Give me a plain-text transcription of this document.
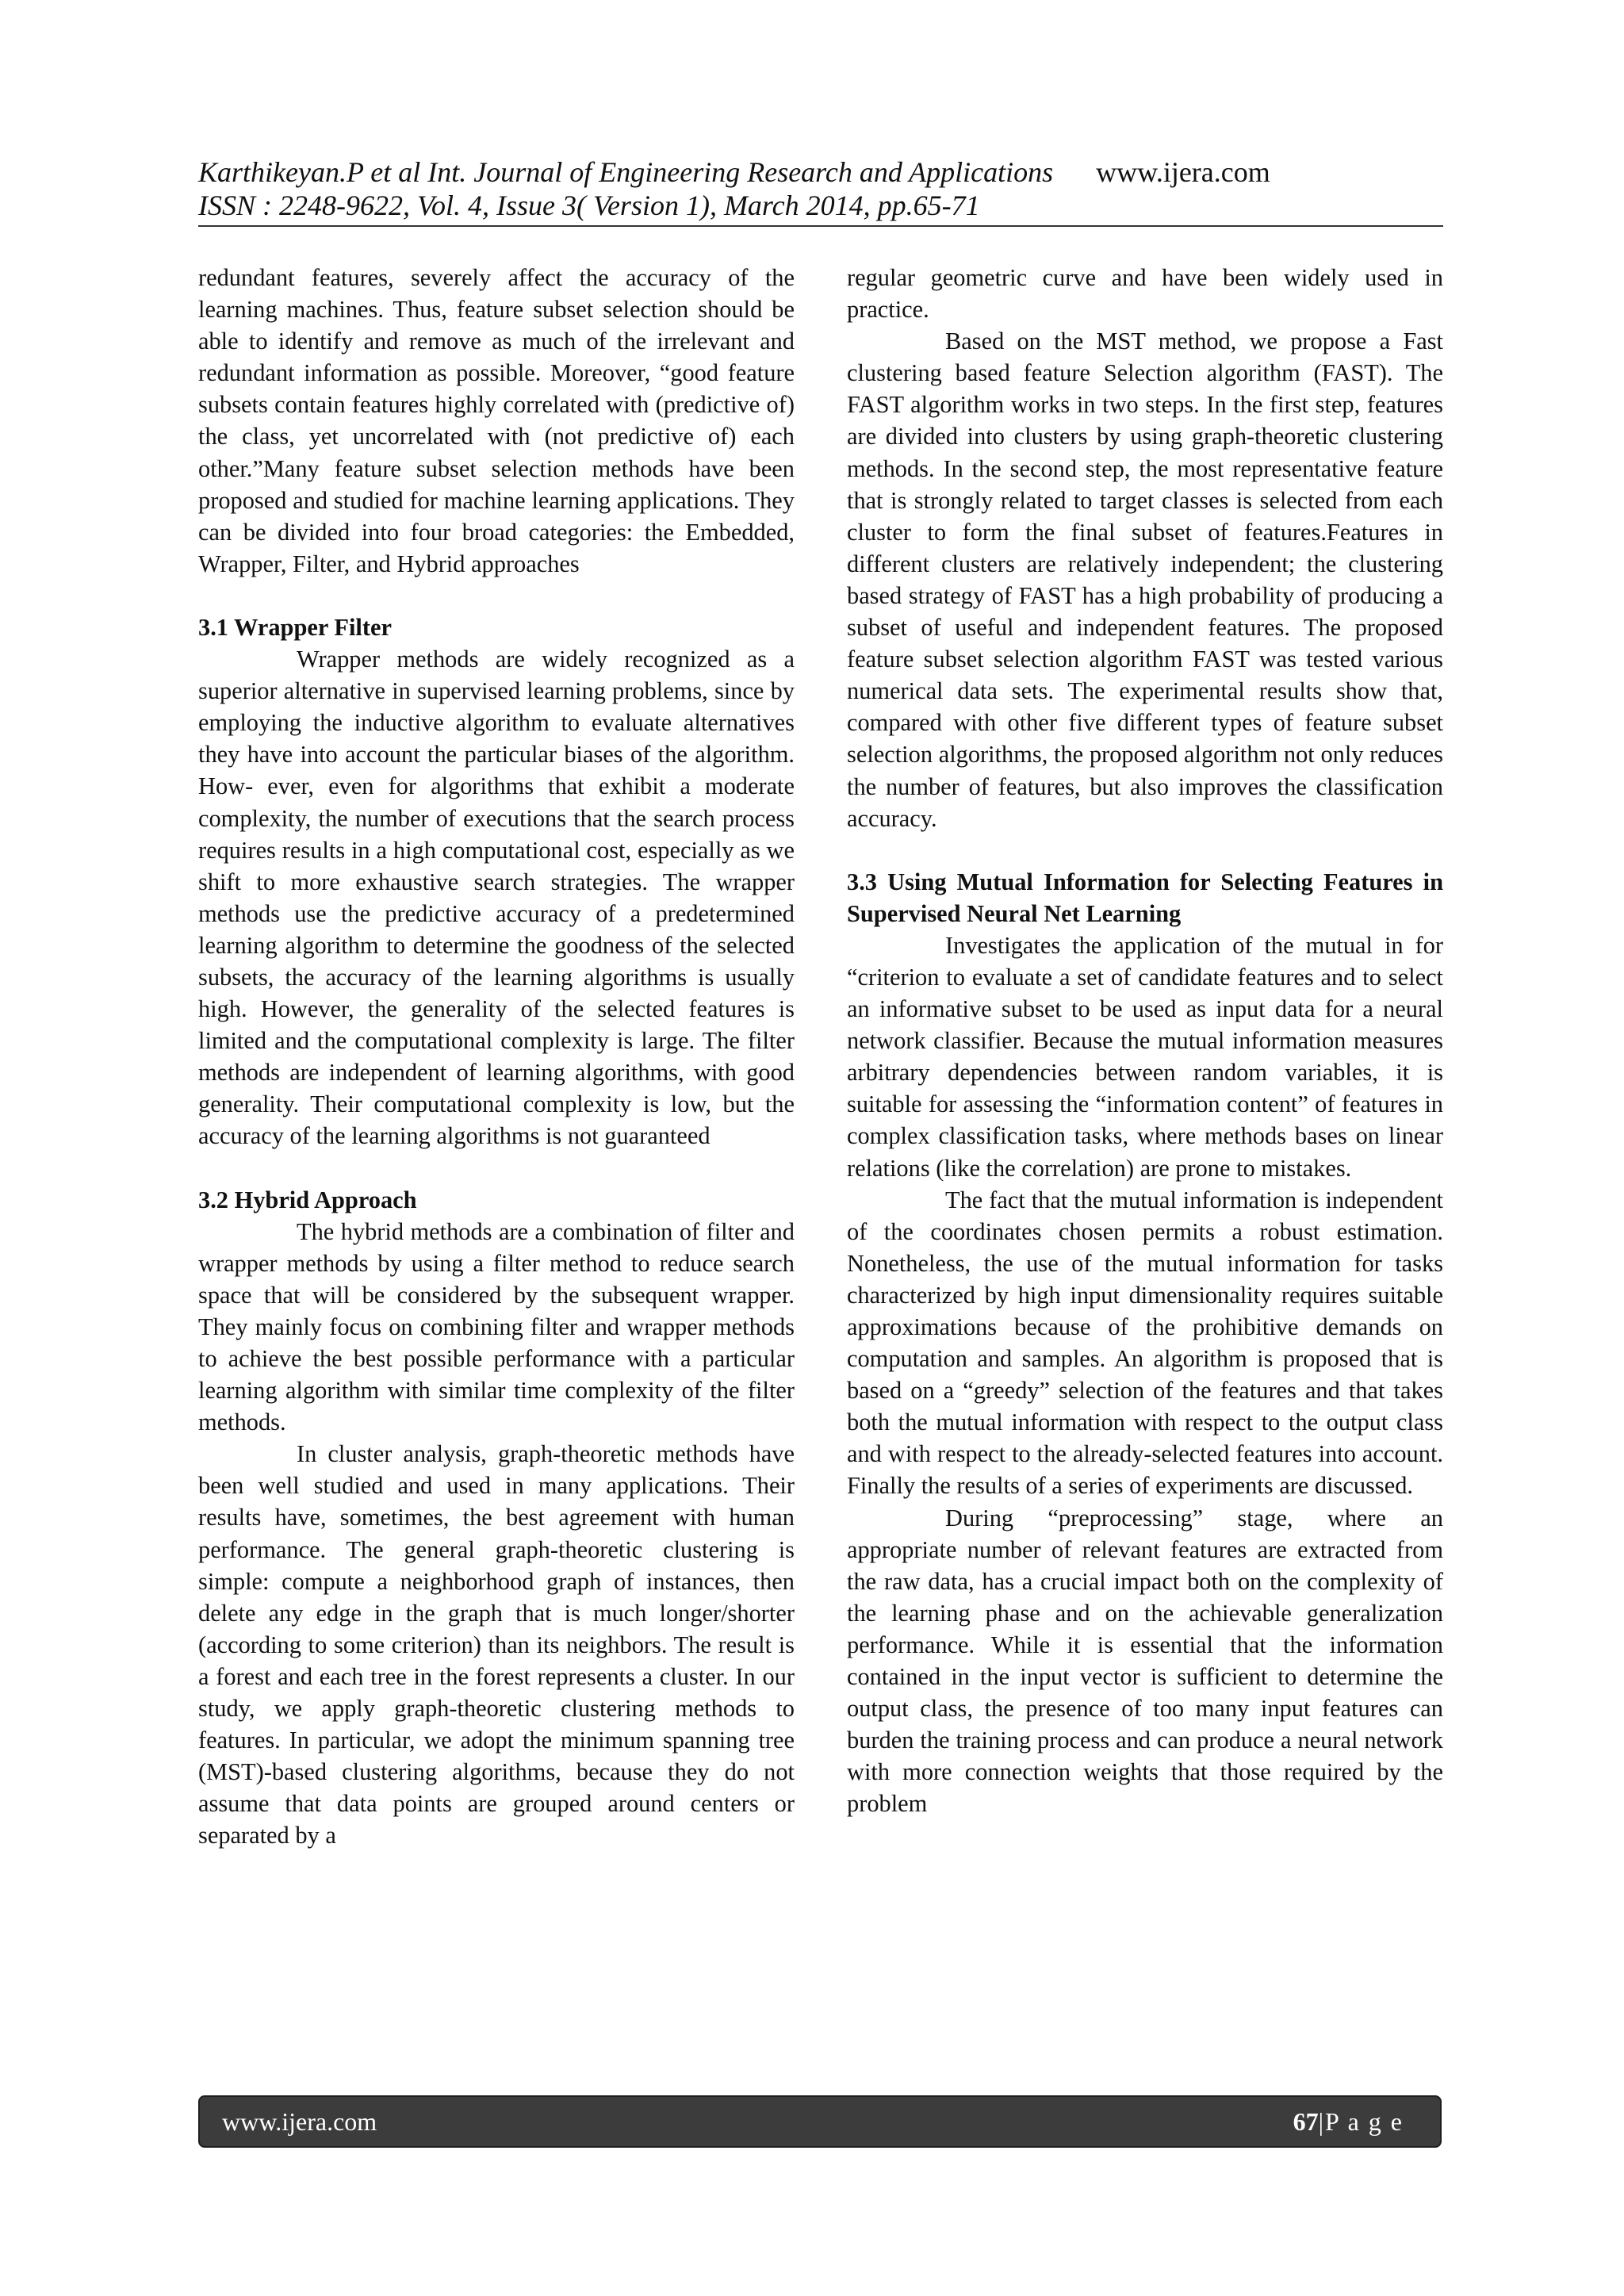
Karthikeyan.P et al Int. Journal of Engineering Research and Applications www.ijera.com
ISSN : 2248-9622, Vol. 4, Issue 3( Version 1), March 2014, pp.65-71

redundant features, severely affect the accuracy of the learning machines. Thus, feature subset selection should be able to identify and remove as much of the irrelevant and redundant information as possible. Moreover, “good feature subsets contain features highly correlated with (predictive of) the class, yet uncorrelated with (not predictive of) each other.”Many feature subset selection methods have been proposed and studied for machine learning applications. They can be divided into four broad categories: the Embedded, Wrapper, Filter, and Hybrid approaches

3.1 Wrapper Filter

Wrapper methods are widely recognized as a superior alternative in supervised learning problems, since by employing the inductive algorithm to evaluate alternatives they have into account the particular biases of the algorithm. How- ever, even for algorithms that exhibit a moderate complexity, the number of executions that the search process requires results in a high computational cost, especially as we shift to more exhaustive search strategies. The wrapper methods use the predictive accuracy of a predetermined learning algorithm to determine the goodness of the selected subsets, the accuracy of the learning algorithms is usually high. However, the generality of the selected features is limited and the computational complexity is large. The filter methods are independent of learning algorithms, with good generality. Their computational complexity is low, but the accuracy of the learning algorithms is not guaranteed

3.2 Hybrid Approach

The hybrid methods are a combination of filter and wrapper methods by using a filter method to reduce search space that will be considered by the subsequent wrapper. They mainly focus on combining filter and wrapper methods to achieve the best possible performance with a particular learning algorithm with similar time complexity of the filter methods.

In cluster analysis, graph-theoretic methods have been well studied and used in many applications. Their results have, sometimes, the best agreement with human performance. The general graph-theoretic clustering is simple: compute a neighborhood graph of instances, then delete any edge in the graph that is much longer/shorter (according to some criterion) than its neighbors. The result is a forest and each tree in the forest represents a cluster. In our study, we apply graph-theoretic clustering methods to features. In particular, we adopt the minimum spanning tree (MST)-based clustering algorithms, because they do not assume that data points are grouped around centers or separated by a

regular geometric curve and have been widely used in practice.

Based on the MST method, we propose a Fast clustering based feature Selection algorithm (FAST). The FAST algorithm works in two steps. In the first step, features are divided into clusters by using graph-theoretic clustering methods. In the second step, the most representative feature that is strongly related to target classes is selected from each cluster to form the final subset of features.Features in different clusters are relatively independent; the clustering based strategy of FAST has a high probability of producing a subset of useful and independent features. The proposed feature subset selection algorithm FAST was tested various numerical data sets. The experimental results show that, compared with other five different types of feature subset selection algorithms, the proposed algorithm not only reduces the number of features, but also improves the classification accuracy.

3.3 Using Mutual Information for Selecting Features in Supervised Neural Net Learning

Investigates the application of the mutual in for “criterion to evaluate a set of candidate features and to select an informative subset to be used as input data for a neural network classifier. Because the mutual information measures arbitrary dependencies between random variables, it is suitable for assessing the “information content” of features in complex classification tasks, where methods bases on linear relations (like the correlation) are prone to mistakes.

The fact that the mutual information is independent of the coordinates chosen permits a robust estimation. Nonetheless, the use of the mutual information for tasks characterized by high input dimensionality requires suitable approximations because of the prohibitive demands on computation and samples. An algorithm is proposed that is based on a “greedy” selection of the features and that takes both the mutual information with respect to the output class and with respect to the already-selected features into account. Finally the results of a series of experiments are discussed.

During “preprocessing” stage, where an appropriate number of relevant features are extracted from the raw data, has a crucial impact both on the complexity of the learning phase and on the achievable generalization performance. While it is essential that the information contained in the input vector is sufficient to determine the output class, the presence of too many input features can burden the training process and can produce a neural network with more connection weights that those required by the problem

www.ijera.com	67|P a g e
